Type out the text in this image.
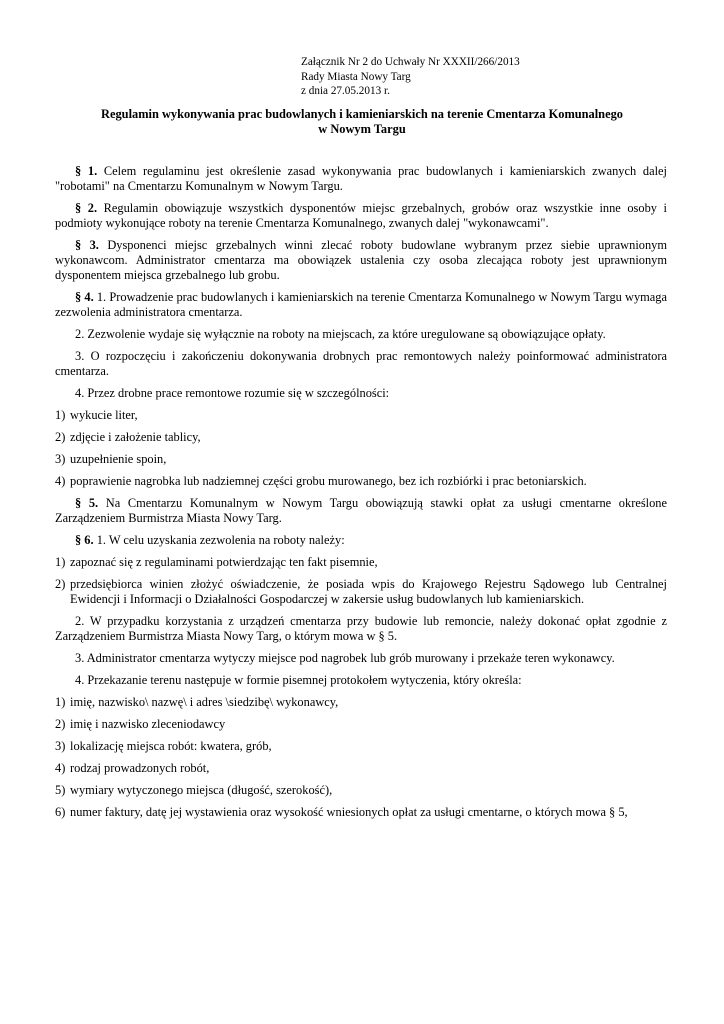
Załącznik Nr 2 do Uchwały Nr XXXII/266/2013
Rady Miasta Nowy Targ
z dnia 27.05.2013 r.
Regulamin wykonywania prac budowlanych i kamieniarskich na terenie Cmentarza Komunalnego
w Nowym Targu

§ 1. Celem regulaminu jest określenie zasad wykonywania prac budowlanych i kamieniarskich zwanych dalej "robotami" na Cmentarzu Komunalnym w Nowym Targu.

§ 2. Regulamin obowiązuje wszystkich dysponentów miejsc grzebalnych, grobów oraz wszystkie inne osoby i podmioty wykonujące roboty na terenie Cmentarza Komunalnego, zwanych dalej "wykonawcami".

§ 3. Dysponenci miejsc grzebalnych winni zlecać roboty budowlane wybranym przez siebie uprawnionym wykonawcom. Administrator cmentarza ma obowiązek ustalenia czy osoba zlecająca roboty jest uprawnionym dysponentem miejsca grzebalnego lub grobu.

§ 4. 1. Prowadzenie prac budowlanych i kamieniarskich na terenie Cmentarza Komunalnego w Nowym Targu wymaga zezwolenia administratora cmentarza.

2. Zezwolenie wydaje się wyłącznie na roboty na miejscach, za które uregulowane są obowiązujące opłaty.

3. O rozpoczęciu i zakończeniu dokonywania drobnych prac remontowych należy poinformować administratora cmentarza.

4. Przez drobne prace remontowe rozumie się w szczególności:

1) wykucie liter,
2) zdjęcie i założenie tablicy,
3) uzupełnienie spoin,
4) poprawienie nagrobka lub nadziemnej części grobu murowanego, bez ich rozbiórki i prac betoniarskich.

§ 5. Na Cmentarzu Komunalnym w Nowym Targu obowiązują stawki opłat za usługi cmentarne określone Zarządzeniem Burmistrza Miasta Nowy Targ.

§ 6. 1. W celu uzyskania zezwolenia na roboty należy:

1) zapoznać się z regulaminami potwierdzając ten fakt pisemnie,
2) przedsiębiorca winien złożyć oświadczenie, że posiada wpis do Krajowego Rejestru Sądowego lub Centralnej Ewidencji i Informacji o Działalności Gospodarczej w zakersie usług budowlanych lub kamieniarskich.

2. W przypadku korzystania z urządzeń cmentarza przy budowie lub remoncie, należy dokonać opłat zgodnie z Zarządzeniem Burmistrza Miasta Nowy Targ, o którym mowa w § 5.

3. Administrator cmentarza wytyczy miejsce pod nagrobek lub grób murowany i przekaże teren wykonawcy.

4. Przekazanie terenu następuje w formie pisemnej protokołem wytyczenia, który określa:

1) imię, nazwisko\ nazwę\ i adres \siedzibę\ wykonawcy,
2) imię i nazwisko zleceniodawcy
3) lokalizację miejsca robót: kwatera, grób,
4) rodzaj prowadzonych robót,
5) wymiary wytyczonego miejsca (długość, szerokość),
6) numer faktury, datę jej wystawienia oraz wysokość wniesionych opłat za usługi cmentarne, o których mowa § 5,
